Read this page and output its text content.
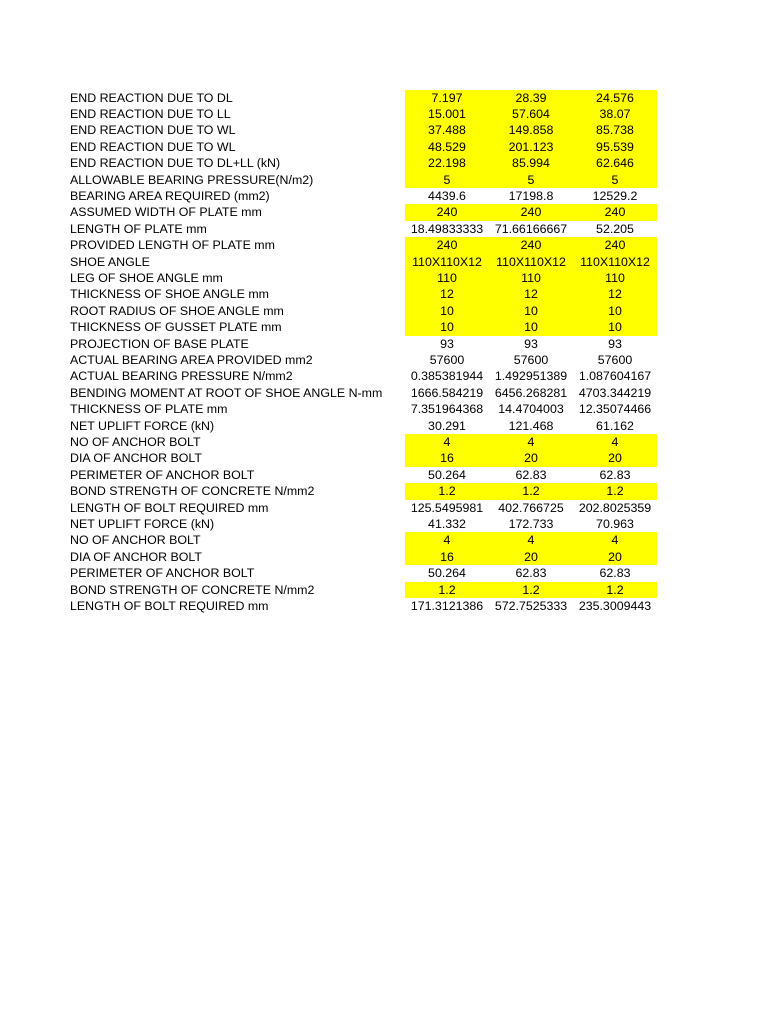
END REACTION DUE TO DL	7.197	28.39	24.576
END REACTION DUE TO LL	15.001	57.604	38.07
END REACTION DUE TO WL	37.488	149.858	85.738
END REACTION DUE TO WL	48.529	201.123	95.539
END REACTION DUE TO DL+LL (kN)	22.198	85.994	62.646
ALLOWABLE BEARING PRESSURE(N/m2)	5	5	5
BEARING AREA REQUIRED (mm2)	4439.6	17198.8	12529.2
ASSUMED WIDTH OF PLATE mm	240	240	240
LENGTH OF PLATE mm	18.49833333 71.66166667	52.205
PROVIDED LENGTH OF PLATE mm	240	240	240
SHOE ANGLE	110X110X12	110X110X12	110X110X12
LEG OF SHOE ANGLE mm	110	110	110
THICKNESS OF SHOE ANGLE mm	12	12	12
ROOT RADIUS OF SHOE ANGLE mm	10	10	10
THICKNESS OF GUSSET PLATE mm	10	10	10
PROJECTION OF BASE PLATE	93	93	93
ACTUAL BEARING AREA PROVIDED mm2	57600	57600	57600
ACTUAL BEARING PRESSURE N/mm2	0.385381944 1.492951389 1.087604167
BENDING MOMENT AT ROOT OF SHOE ANGLE N-mm	1666.584219 6456.268281 4703.344219
THICKNESS OF PLATE mm	7.351964368	14.4704003	12.35074466
NET UPLIFT FORCE (kN)	30.291	121.468	61.162
NO OF ANCHOR BOLT	4	4	4
DIA OF ANCHOR BOLT	16	20	20
PERIMETER OF ANCHOR BOLT	50.264	62.83	62.83
BOND STRENGTH OF CONCRETE N/mm2	1.2	1.2	1.2
LENGTH OF BOLT REQUIRED mm	125.5495981	402.766725	202.8025359
NET UPLIFT FORCE (kN)	41.332	172.733	70.963
NO OF ANCHOR BOLT	4	4	4
DIA OF ANCHOR BOLT	16	20	20
PERIMETER OF ANCHOR BOLT	50.264	62.83	62.83
BOND STRENGTH OF CONCRETE N/mm2	1.2	1.2	1.2
LENGTH OF BOLT REQUIRED mm	171.3121386 572.7525333 235.3009443
